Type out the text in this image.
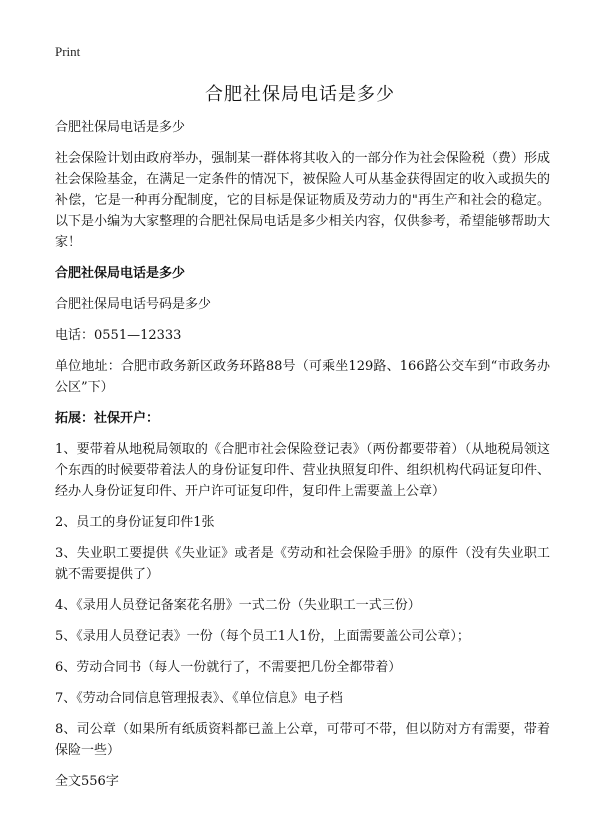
Print
合肥社保局电话是多少

合肥社保局电话是多少

社会保险计划由政府举办，强制某一群体将其收入的一部分作为社会保险税（费）形成社会保险基金，在满足一定条件的情况下，被保险人可从基金获得固定的收入或损失的补偿，它是一种再分配制度，它的目标是保证物质及劳动力的"再生产和社会的稳定。以下是小编为大家整理的合肥社保局电话是多少相关内容，仅供参考，希望能够帮助大家！

合肥社保局电话是多少

合肥社保局电话号码是多少

电话：0551—12333

单位地址：合肥市政务新区政务环路88号（可乘坐129路、166路公交车到“市政务办公区”下）

拓展：社保开户：

1、要带着从地税局领取的《合肥市社会保险登记表》（两份都要带着）（从地税局领这个东西的时候要带着法人的身份证复印件、营业执照复印件、组织机构代码证复印件、经办人身份证复印件、开户许可证复印件，复印件上需要盖上公章）

2、员工的身份证复印件1张

3、失业职工要提供《失业证》或者是《劳动和社会保险手册》的原件（没有失业职工就不需要提供了）

4、《录用人员登记备案花名册》一式二份（失业职工一式三份）

5、《录用人员登记表》一份（每个员工1人1份，上面需要盖公司公章）；

6、劳动合同书（每人一份就行了，不需要把几份全都带着）

7、《劳动合同信息管理报表》、《单位信息》电子档

8、司公章（如果所有纸质资料都已盖上公章，可带可不带，但以防对方有需要，带着保险一些）

全文556字
